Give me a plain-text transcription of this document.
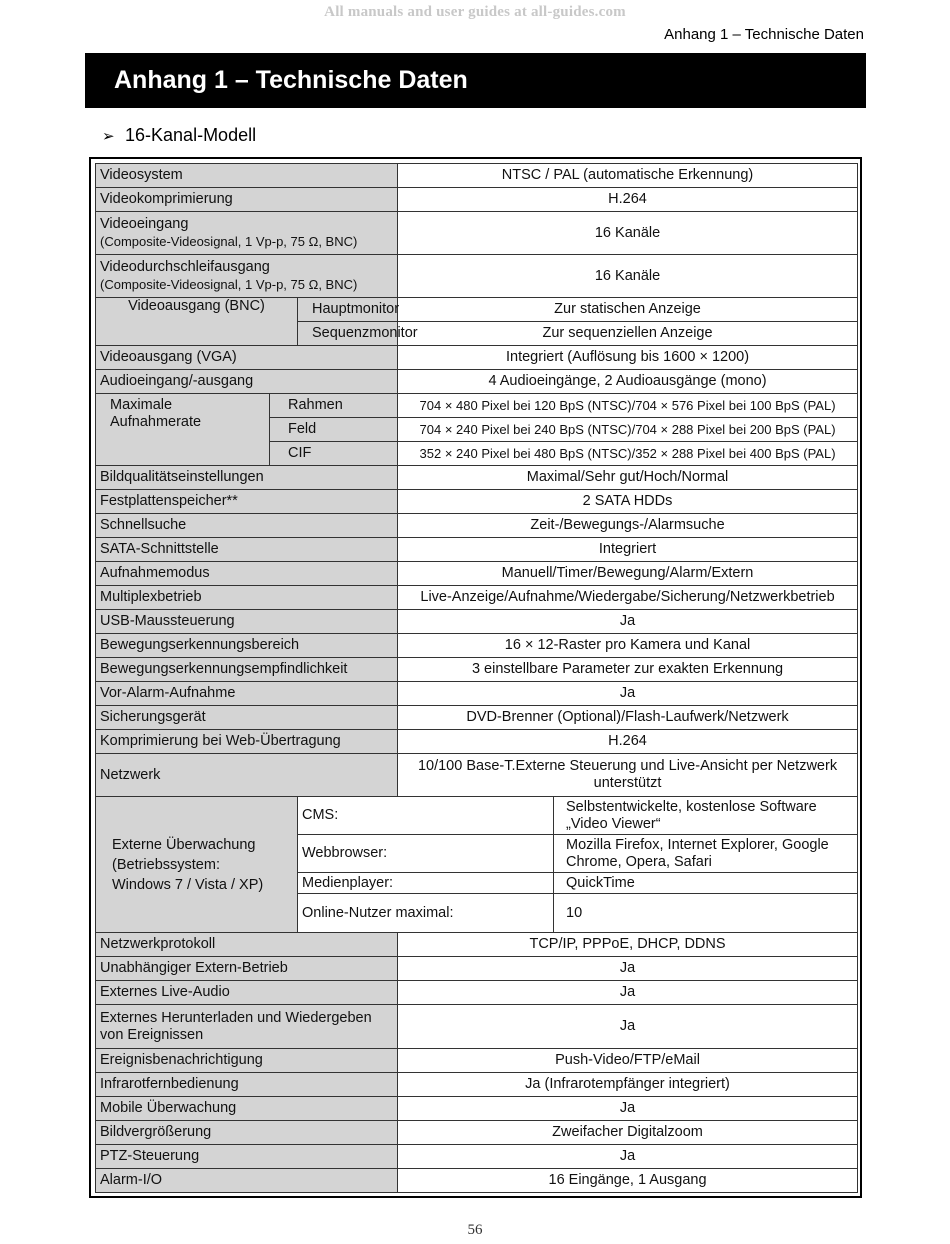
All manuals and user guides at all-guides.com
Anhang 1 – Technische Daten
Anhang 1 – Technische Daten
➢ 16-Kanal-Modell
Videosystem			NTSC / PAL (automatische Erkennung)	
Videokomprimierung			H.264	

Videoeingang
(Composite-Videosignal, 1 Vp-p, 75 Ω, BNC)			16 Kanäle	

Videodurchschleifausgang
(Composite-Videosignal, 1 Vp-p, 75 Ω, BNC)			16 Kanäle	
Videoausgang (BNC)		Hauptmonitor	Zur statischen Anzeige	
		Sequenzmonitor	Zur sequenziellen Anzeige	
Videoausgang (VGA)			Integriert (Auflösung bis 1600 × 1200)	
Audioeingang/-ausgang			4 Audioeingänge, 2 Audioausgänge (mono)	
Maximale Aufnahmerate	Rahmen		704 × 480 Pixel bei 120 BpS (NTSC)/704 × 576 Pixel bei 100 BpS (PAL)	
	Feld		704 × 240 Pixel bei 240 BpS (NTSC)/704 × 288 Pixel bei 200 BpS (PAL)	
	CIF		352 × 240 Pixel bei 480 BpS (NTSC)/352 × 288 Pixel bei 400 BpS (PAL)	
Bildqualitätseinstellungen			Maximal/Sehr gut/Hoch/Normal	
Festplattenspeicher**			2 SATA HDDs	
Schnellsuche			Zeit-/Bewegungs-/Alarmsuche	
SATA-Schnittstelle			Integriert	
Aufnahmemodus			Manuell/Timer/Bewegung/Alarm/Extern	
Multiplexbetrieb			Live-Anzeige/Aufnahme/Wiedergabe/Sicherung/Netzwerkbetrieb	
USB-Maussteuerung			Ja	
Bewegungserkennungsbereich			16 × 12-Raster pro Kamera und Kanal	
Bewegungserkennungsempfindlichkeit			3 einstellbare Parameter zur exakten Erkennung	
Vor-Alarm-Aufnahme			Ja	
Sicherungsgerät			DVD-Brenner (Optional)/Flash-Laufwerk/Netzwerk	
Komprimierung bei Web-Übertragung			H.264	
Netzwerk			10/100 Base-T.Externe Steuerung und Live-Ansicht per Netzwerk unterstützt	

Externe Überwachung
(Betriebssystem:
Windows 7 / Vista / XP)		CMS:		Selbstentwickelte, kostenlose Software „Video Viewer“
		Webbrowser:		Mozilla Firefox, Internet Explorer, Google Chrome, Opera, Safari
		Medienplayer:		QuickTime
		Online-Nutzer maximal:		10
Netzwerkprotokoll			TCP/IP, PPPoE, DHCP, DDNS	
Unabhängiger Extern-Betrieb			Ja	
Externes Live-Audio			Ja	
Externes Herunterladen und Wiedergeben von Ereignissen			Ja	
Ereignisbenachrichtigung			Push-Video/FTP/eMail	
Infrarotfernbedienung			Ja (Infrarotempfänger integriert)	
Mobile Überwachung			Ja	
Bildvergrößerung			Zweifacher Digitalzoom	
PTZ-Steuerung			Ja	
Alarm-I/O			16 Eingänge, 1 Ausgang	
56
